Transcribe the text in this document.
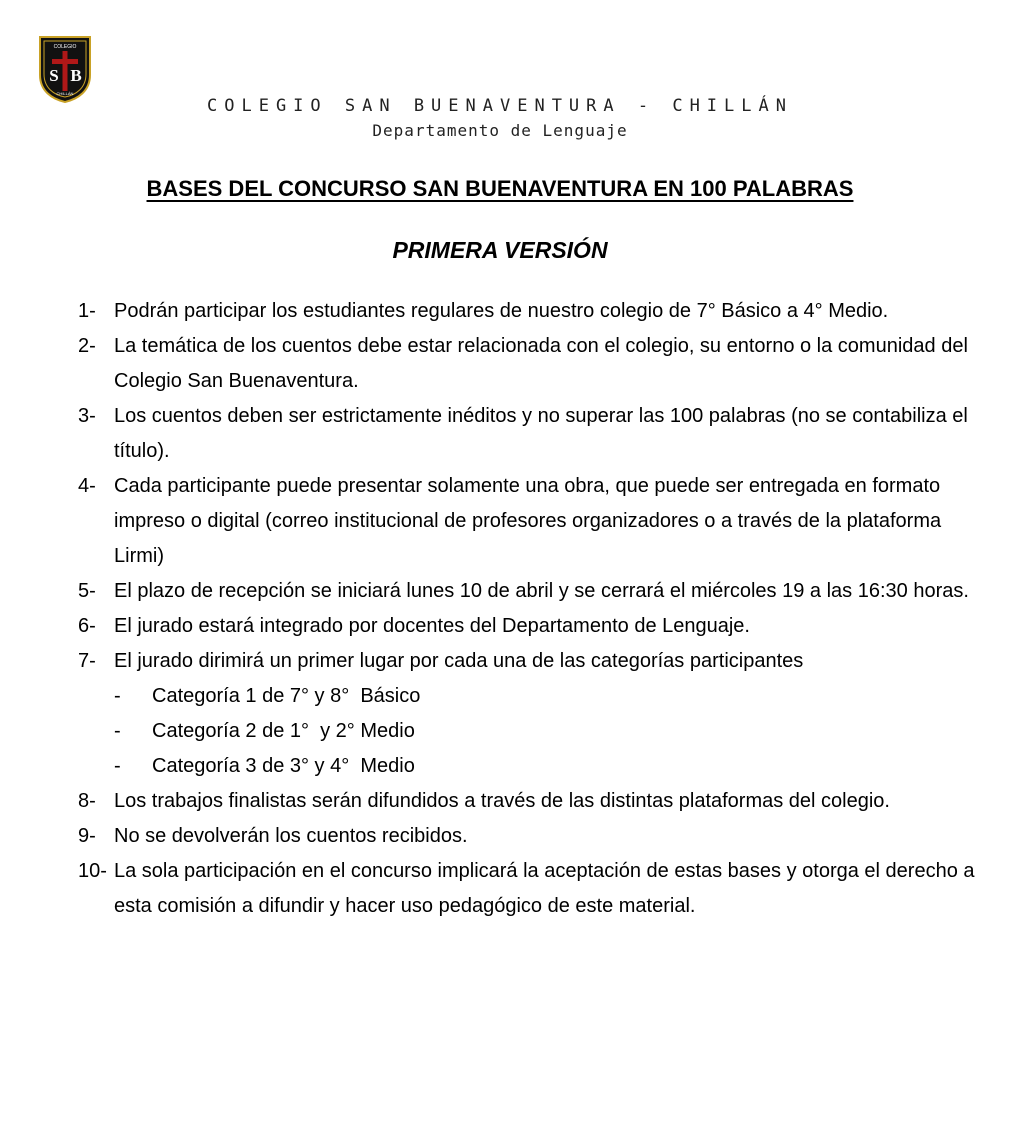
COLEGIO
S B
CHILLÁN
COLEGIO SAN BUENAVENTURA - CHILLÁN
Departamento de Lenguaje
BASES DEL CONCURSO SAN BUENAVENTURA EN 100 PALABRAS
PRIMERA VERSIÓN
1- Podrán participar los estudiantes regulares de nuestro colegio de 7° Básico a 4° Medio.
2- La temática de los cuentos debe estar relacionada con el colegio, su entorno o la comunidad del Colegio San Buenaventura.
3- Los cuentos deben ser estrictamente inéditos y no superar las 100 palabras (no se contabiliza el título).
4- Cada participante puede presentar solamente una obra, que puede ser entregada en formato impreso o digital (correo institucional de profesores organizadores o a través de la plataforma Lirmi)
5- El plazo de recepción se iniciará lunes 10 de abril y se cerrará el miércoles 19 a las 16:30 horas.
6- El jurado estará integrado por docentes del Departamento de Lenguaje.
7- El jurado dirimirá un primer lugar por cada una de las categorías participantes
-	Categoría 1 de 7° y 8°  Básico
-	Categoría 2 de 1°  y 2° Medio
-	Categoría 3 de 3° y 4°  Medio
8- Los trabajos finalistas serán difundidos a través de las distintas plataformas del colegio.
9- No se devolverán los cuentos recibidos.
10- La sola participación en el concurso implicará la aceptación de estas bases y otorga el derecho a esta comisión a difundir y hacer uso pedagógico de este material.
